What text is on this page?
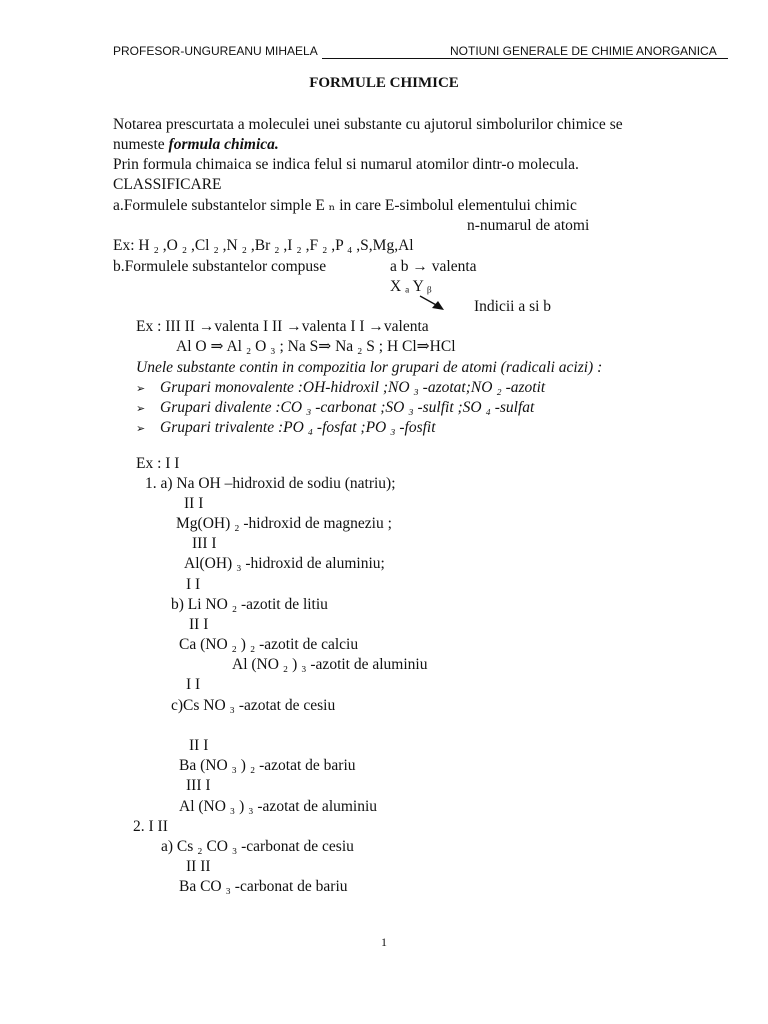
PROFESOR-UNGUREANU MIHAELA	NOTIUNI GENERALE DE CHIMIE ANORGANICA
FORMULE CHIMICE
Notarea prescurtata a moleculei unei substante cu ajutorul simbolurilor chimice se
numeste formula chimica.
Prin formula chimaica se indica felul si numarul atomilor dintr-o molecula.
CLASSIFICARE
a.Formulele substantelor simple E ₙ in care E-simbolul elementului chimic
n-numarul de atomi
Ex: H ₂ ,O ₂ ,Cl ₂ ,N ₂ ,Br ₂ ,I ₂ ,F ₂ ,P ₄ ,S,Mg,Al
b.Formulele substantelor compuse	a b → valenta
X ₐ Y ᵦ
Indicii a si b
Ex : III II →valenta I II →valenta I I →valenta
Al O ⇒ Al ₂ O ₃ ; Na S⇒ Na ₂ S ; H Cl⇒HCl
Unele substante contin in compozitia lor grupari de atomi (radicali acizi) :
➢ Grupari monovalente :OH-hidroxil ;NO ₃ -azotat;NO ₂ -azotit
➢ Grupari divalente :CO ₃ -carbonat ;SO ₃ -sulfit ;SO ₄ -sulfat
➢ Grupari trivalente :PO ₄ -fosfat ;PO ₃ -fosfit
Ex : I I
1. a) Na OH –hidroxid de sodiu (natriu);
II I
Mg(OH) ₂ -hidroxid de magneziu ;
III I
Al(OH) ₃ -hidroxid de aluminiu;
I I
b) Li NO ₂ -azotit de litiu
II I
Ca (NO ₂ ) ₂ -azotit de calciu
Al (NO ₂ ) ₃ -azotit de aluminiu
I I
c)Cs NO ₃ -azotat de cesiu
II I
Ba (NO ₃ ) ₂ -azotat de bariu
III I
Al (NO ₃ ) ₃ -azotat de aluminiu
2. I II
a) Cs ₂ CO ₃ -carbonat de cesiu
II II
Ba CO ₃ -carbonat de bariu
1
